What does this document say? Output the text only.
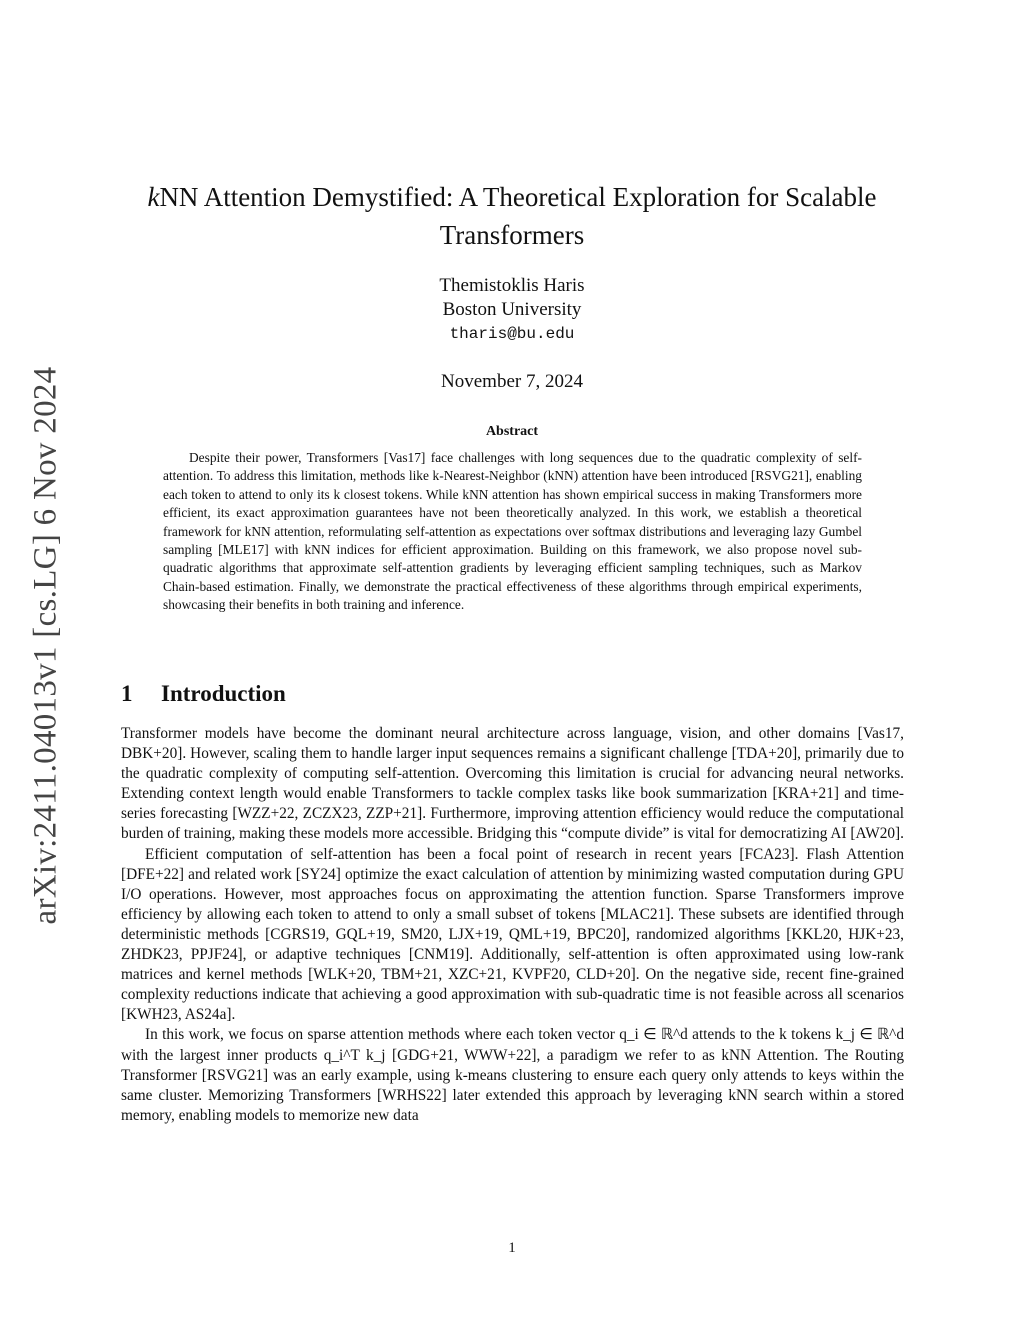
arXiv:2411.04013v1 [cs.LG] 6 Nov 2024
kNN Attention Demystified: A Theoretical Exploration for Scalable Transformers
Themistoklis Haris
Boston University
tharis@bu.edu
November 7, 2024
Abstract

Despite their power, Transformers [Vas17] face challenges with long sequences due to the quadratic complexity of self-attention. To address this limitation, methods like k-Nearest-Neighbor (kNN) attention have been introduced [RSVG21], enabling each token to attend to only its k closest tokens. While kNN attention has shown empirical success in making Transformers more efficient, its exact approximation guarantees have not been theoretically analyzed. In this work, we establish a theoretical framework for kNN attention, reformulating self-attention as expectations over softmax distributions and leveraging lazy Gumbel sampling [MLE17] with kNN indices for efficient approximation. Building on this framework, we also propose novel sub-quadratic algorithms that approximate self-attention gradients by leveraging efficient sampling techniques, such as Markov Chain-based estimation. Finally, we demonstrate the practical effectiveness of these algorithms through empirical experiments, showcasing their benefits in both training and inference.

1 Introduction

Transformer models have become the dominant neural architecture across language, vision, and other domains [Vas17, DBK+20]. However, scaling them to handle larger input sequences remains a significant challenge [TDA+20], primarily due to the quadratic complexity of computing self-attention. Overcoming this limitation is crucial for advancing neural networks. Extending context length would enable Transformers to tackle complex tasks like book summarization [KRA+21] and time-series forecasting [WZZ+22, ZCZX23, ZZP+21]. Furthermore, improving attention efficiency would reduce the computational burden of training, making these models more accessible. Bridging this “compute divide” is vital for democratizing AI [AW20].

Efficient computation of self-attention has been a focal point of research in recent years [FCA23]. Flash Attention [DFE+22] and related work [SY24] optimize the exact calculation of attention by minimizing wasted computation during GPU I/O operations. However, most approaches focus on approximating the attention function. Sparse Transformers improve efficiency by allowing each token to attend to only a small subset of tokens [MLAC21]. These subsets are identified through deterministic methods [CGRS19, GQL+19, SM20, LJX+19, QML+19, BPC20], randomized algorithms [KKL20, HJK+23, ZHDK23, PPJF24], or adaptive techniques [CNM19]. Additionally, self-attention is often approximated using low-rank matrices and kernel methods [WLK+20, TBM+21, XZC+21, KVPF20, CLD+20]. On the negative side, recent fine-grained complexity reductions indicate that achieving a good approximation with sub-quadratic time is not feasible across all scenarios [KWH23, AS24a].

In this work, we focus on sparse attention methods where each token vector q_i ∈ ℝ^d attends to the k tokens k_j ∈ ℝ^d with the largest inner products q_i^T k_j [GDG+21, WWW+22], a paradigm we refer to as kNN Attention. The Routing Transformer [RSVG21] was an early example, using k-means clustering to ensure each query only attends to keys within the same cluster. Memorizing Transformers [WRHS22] later extended this approach by leveraging kNN search within a stored memory, enabling models to memorize new data

1
